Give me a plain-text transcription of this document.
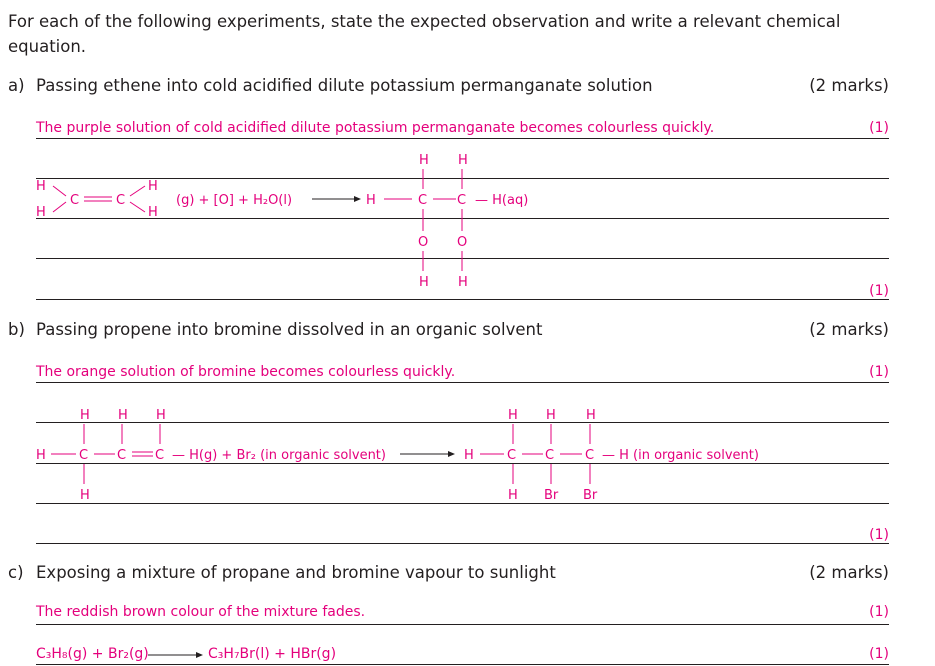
For each of the following experiments, state the expected observation and write a relevant chemical
equation.
a) Passing ethene into cold acidified dilute potassium permanganate solution	(2 marks)
The purple solution of cold acidified dilute potassium permanganate becomes colourless quickly.	(1)
H
H
C	C
H
H
(g) + [O] + H₂O(l)	H	C C — H(aq)
H H
O O
H H
(1)
b) Passing propene into bromine dissolved in an organic solvent	(2 marks)
The orange solution of bromine becomes colourless quickly.	(1)
H H H
H	C C C — H(g) + Br₂ (in organic solvent)
H
H H H
H	C C C — H (in organic solvent)
H Br Br
(1)
c) Exposing a mixture of propane and bromine vapour to sunlight	(2 marks)
The reddish brown colour of the mixture fades.	(1)
C₃H₈(g) + Br₂(g) → C₃H₇Br(l) + HBr(g)	(1)
